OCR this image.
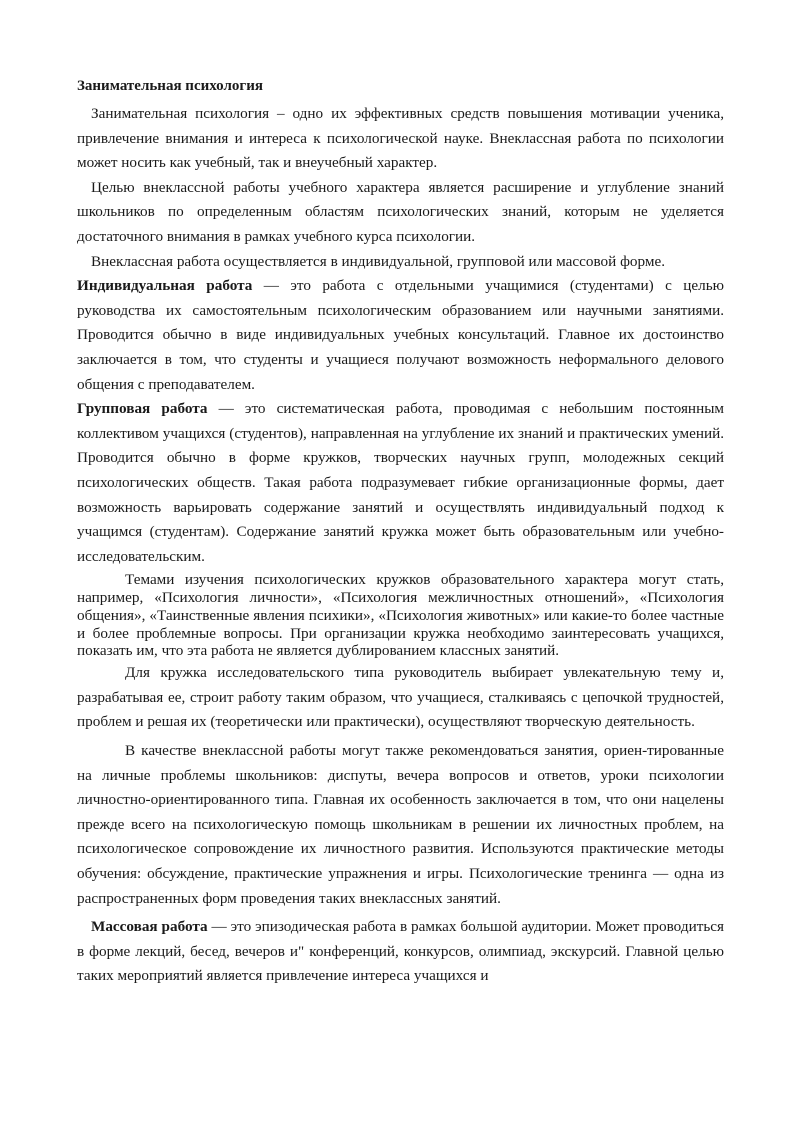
Занимательная психология

Занимательная психология – одно их эффективных средств повышения мотивации ученика, привлечение внимания и интереса к психологической науке. Внеклассная работа по психологии может носить как учебный, так и внеучебный характер.

Целью внеклассной работы учебного характера является расширение и углубление знаний школьников по определенным областям психологических знаний, которым не уделяется достаточного внимания в рамках учебного курса психологии.

Внеклассная работа осуществляется в индивидуальной, групповой или массовой форме.

Индивидуальная работа — это работа с отдельными учащимися (студентами) с целью руководства их самостоятельным психологическим образованием или научными занятиями. Проводится обычно в виде индивидуальных учебных консультаций. Главное их достоинство заключается в том, что студенты и учащиеся получают возможность неформального делового общения с преподавателем.

Групповая работа — это систематическая работа, проводимая с небольшим постоянным коллективом учащихся (студентов), направленная на углубление их знаний и практических умений. Проводится обычно в форме кружков, творческих научных групп, молодежных секций психологических обществ. Такая работа подразумевает гибкие организационные формы, дает возможность варьировать содержание занятий и осуществлять индивидуальный подход к учащимся (студентам). Содержание занятий кружка может быть образовательным или учебно-исследовательским.

Темами изучения психологических кружков образовательного характера могут стать, например, «Психология личности», «Психология межличностных отношений», «Психология общения», «Таинственные явления психики», «Психология животных» или какие-то более частные и более проблемные вопросы. При организации кружка необходимо заинтересовать учащихся, показать им, что эта работа не является дублированием классных занятий.

Для кружка исследовательского типа руководитель выбирает увлекательную тему и, разрабатывая ее, строит работу таким образом, что учащиеся, сталкиваясь с цепочкой трудностей, проблем и решая их (теоретически или практически), осуществляют творческую деятельность.

В качестве внеклассной работы могут также рекомендоваться занятия, ориен-тированные на личные проблемы школьников: диспуты, вечера вопросов и ответов, уроки психологии личностно-ориентированного типа. Главная их особенность заключается в том, что они нацелены прежде всего на психологическую помощь школьникам в решении их личностных проблем, на психологическое сопровождение их личностного развития. Используются практические методы обучения: обсуждение, практические упражнения и игры. Психологические тренинга — одна из распространенных форм проведения таких внеклассных занятий.

Массовая работа — это эпизодическая работа в рамках большой аудитории. Может проводиться в форме лекций, бесед, вечеров и" конференций, конкурсов, олимпиад, экскурсий. Главной целью таких мероприятий является привлечение интереса учащихся и
